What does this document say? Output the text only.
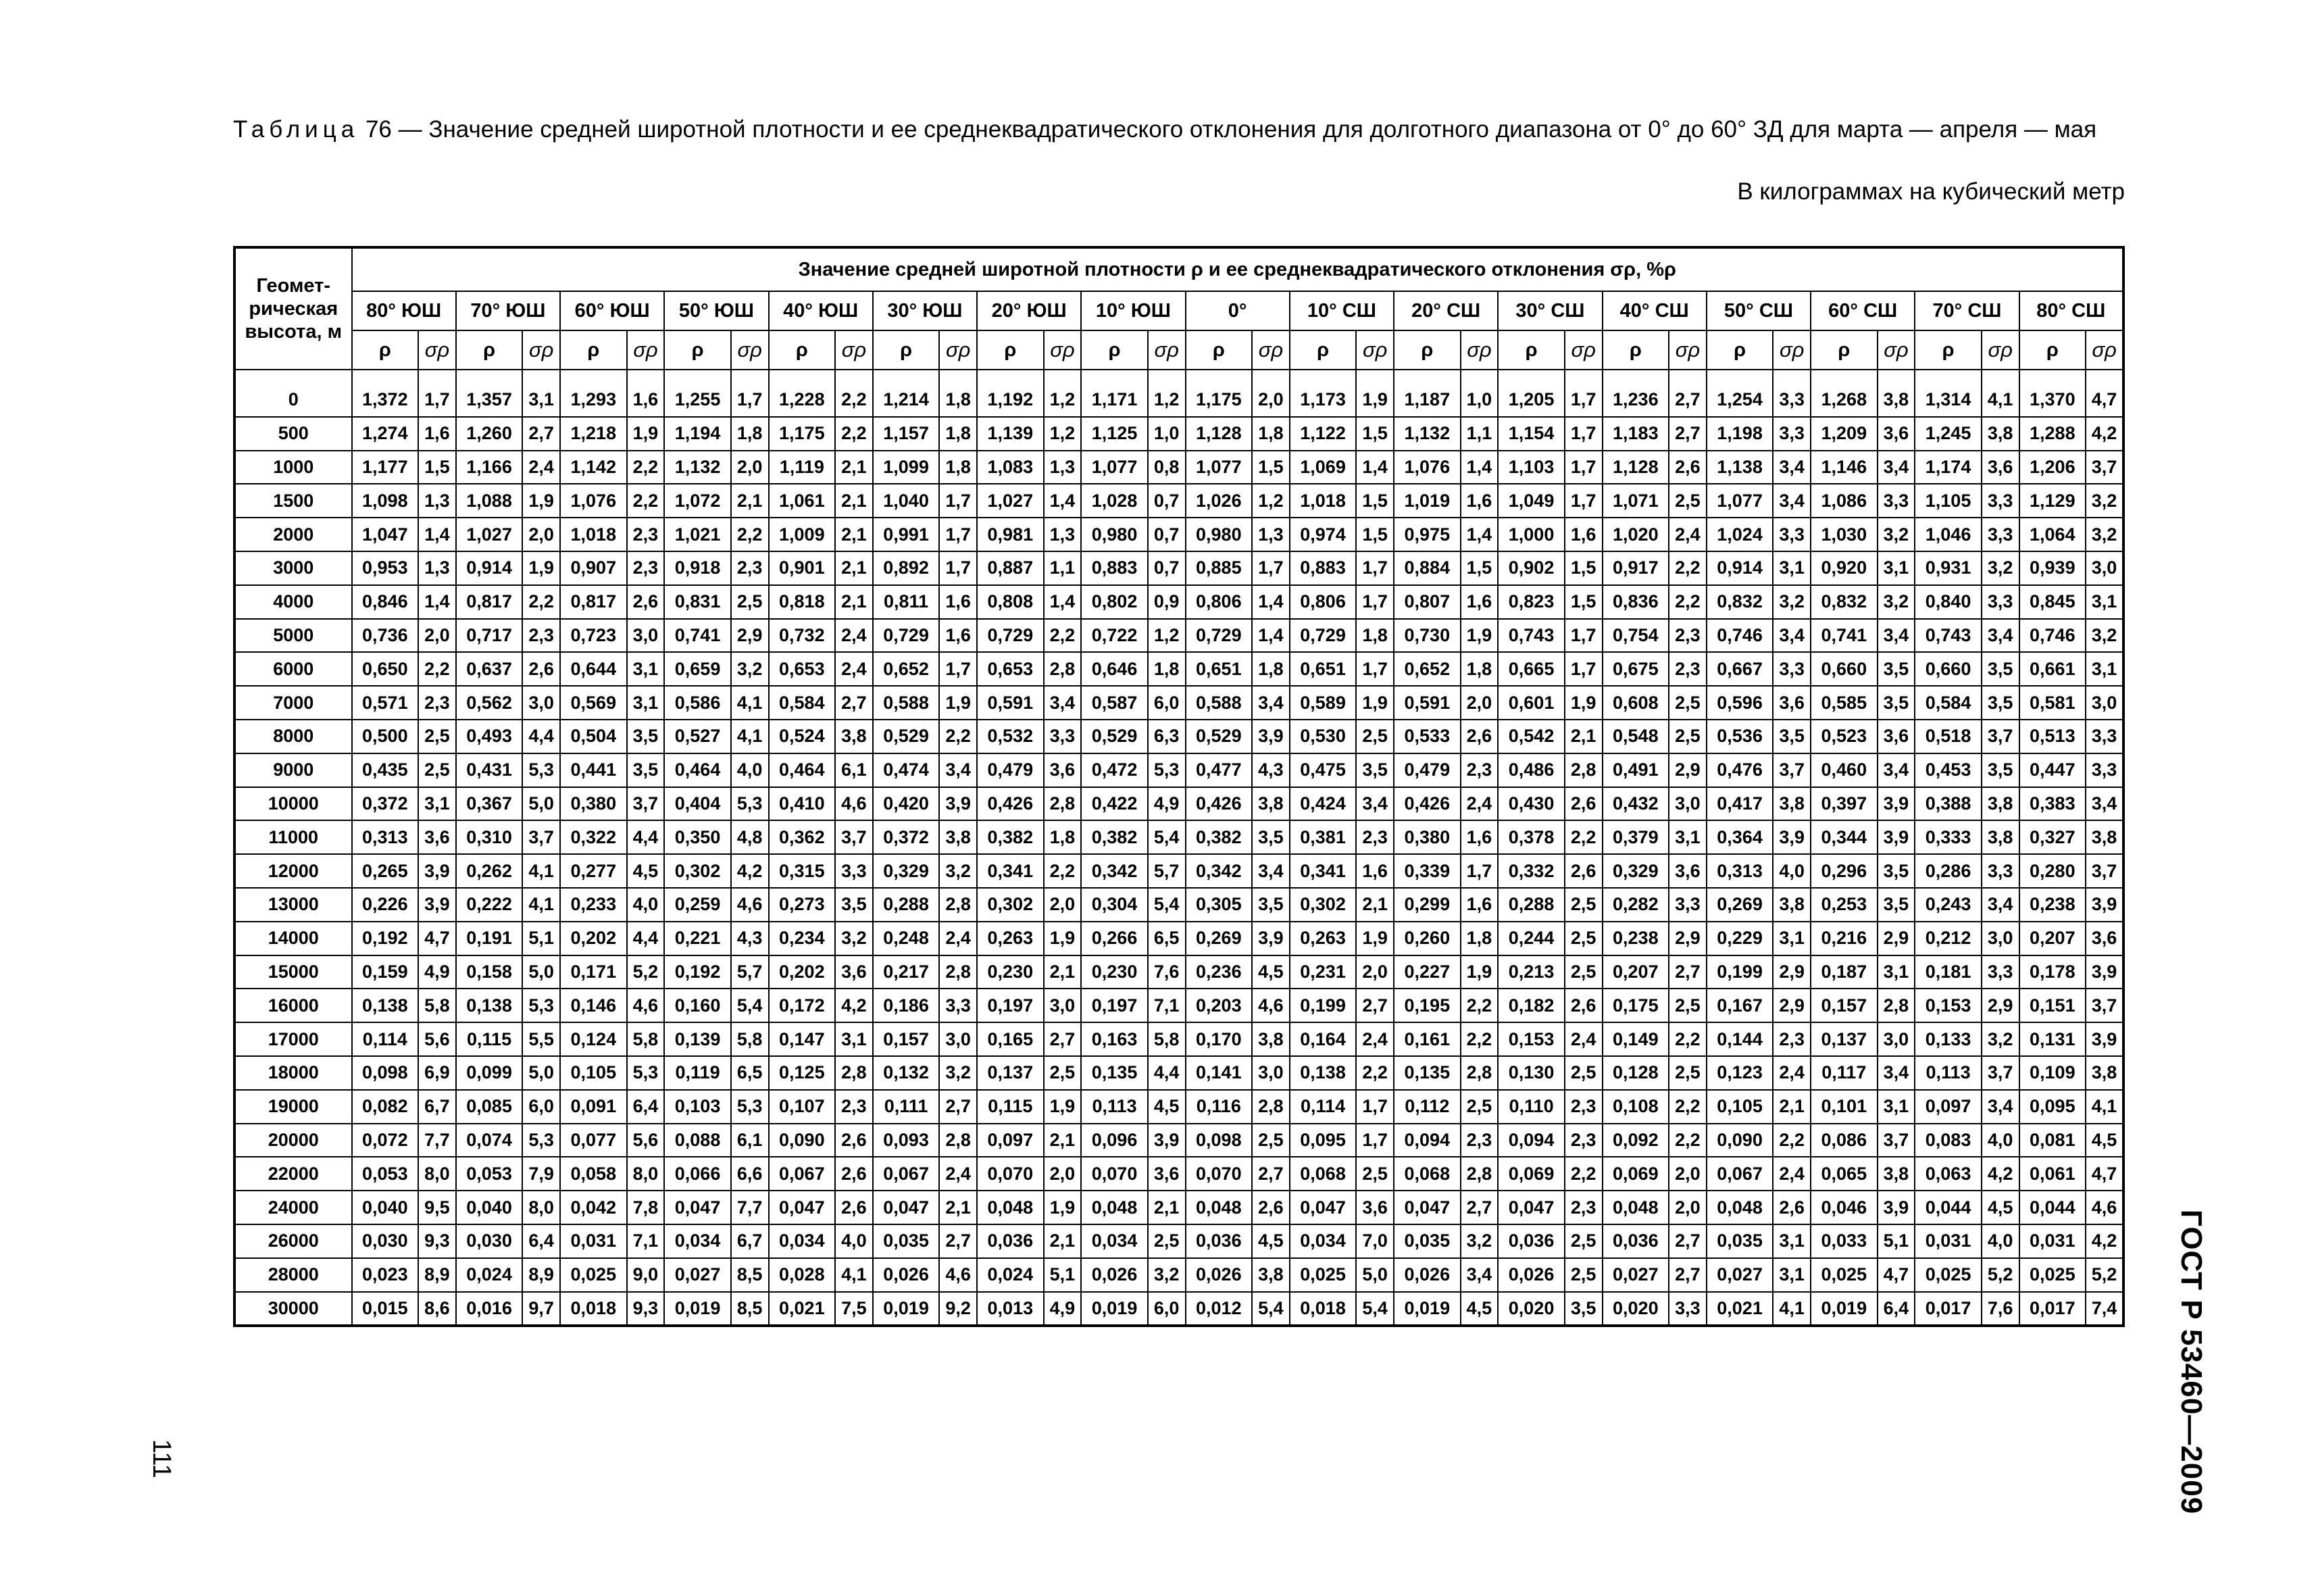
Таблица 76 — Значение средней широтной плотности и ее среднеквадратического отклонения для долготного диапазона от 0° до 60° ЗД для марта — апреля — мая
В килограммах на кубический метр
Геомет-
рическая
высота, м	Значение средней широтной плотности ρ и ее среднеквадратического отклонения σρ, %ρ																																	
	80° ЮШ		70° ЮШ		60° ЮШ		50° ЮШ		40° ЮШ		30° ЮШ		20° ЮШ		10° ЮШ		0°		10° СШ		20° СШ		30° СШ		40° СШ		50° СШ		60° СШ		70° СШ		80° СШ	
	ρ	σρ	ρ	σρ	ρ	σρ	ρ	σρ	ρ	σρ	ρ	σρ	ρ	σρ	ρ	σρ	ρ	σρ	ρ	σρ	ρ	σρ	ρ	σρ	ρ	σρ	ρ	σρ	ρ	σρ	ρ	σρ	ρ	σρ
0	1,372	1,7	1,357	3,1	1,293	1,6	1,255	1,7	1,228	2,2	1,214	1,8	1,192	1,2	1,171	1,2	1,175	2,0	1,173	1,9	1,187	1,0	1,205	1,7	1,236	2,7	1,254	3,3	1,268	3,8	1,314	4,1	1,370	4,7
500	1,274	1,6	1,260	2,7	1,218	1,9	1,194	1,8	1,175	2,2	1,157	1,8	1,139	1,2	1,125	1,0	1,128	1,8	1,122	1,5	1,132	1,1	1,154	1,7	1,183	2,7	1,198	3,3	1,209	3,6	1,245	3,8	1,288	4,2
1000	1,177	1,5	1,166	2,4	1,142	2,2	1,132	2,0	1,119	2,1	1,099	1,8	1,083	1,3	1,077	0,8	1,077	1,5	1,069	1,4	1,076	1,4	1,103	1,7	1,128	2,6	1,138	3,4	1,146	3,4	1,174	3,6	1,206	3,7
1500	1,098	1,3	1,088	1,9	1,076	2,2	1,072	2,1	1,061	2,1	1,040	1,7	1,027	1,4	1,028	0,7	1,026	1,2	1,018	1,5	1,019	1,6	1,049	1,7	1,071	2,5	1,077	3,4	1,086	3,3	1,105	3,3	1,129	3,2
2000	1,047	1,4	1,027	2,0	1,018	2,3	1,021	2,2	1,009	2,1	0,991	1,7	0,981	1,3	0,980	0,7	0,980	1,3	0,974	1,5	0,975	1,4	1,000	1,6	1,020	2,4	1,024	3,3	1,030	3,2	1,046	3,3	1,064	3,2
3000	0,953	1,3	0,914	1,9	0,907	2,3	0,918	2,3	0,901	2,1	0,892	1,7	0,887	1,1	0,883	0,7	0,885	1,7	0,883	1,7	0,884	1,5	0,902	1,5	0,917	2,2	0,914	3,1	0,920	3,1	0,931	3,2	0,939	3,0
4000	0,846	1,4	0,817	2,2	0,817	2,6	0,831	2,5	0,818	2,1	0,811	1,6	0,808	1,4	0,802	0,9	0,806	1,4	0,806	1,7	0,807	1,6	0,823	1,5	0,836	2,2	0,832	3,2	0,832	3,2	0,840	3,3	0,845	3,1
5000	0,736	2,0	0,717	2,3	0,723	3,0	0,741	2,9	0,732	2,4	0,729	1,6	0,729	2,2	0,722	1,2	0,729	1,4	0,729	1,8	0,730	1,9	0,743	1,7	0,754	2,3	0,746	3,4	0,741	3,4	0,743	3,4	0,746	3,2
6000	0,650	2,2	0,637	2,6	0,644	3,1	0,659	3,2	0,653	2,4	0,652	1,7	0,653	2,8	0,646	1,8	0,651	1,8	0,651	1,7	0,652	1,8	0,665	1,7	0,675	2,3	0,667	3,3	0,660	3,5	0,660	3,5	0,661	3,1
7000	0,571	2,3	0,562	3,0	0,569	3,1	0,586	4,1	0,584	2,7	0,588	1,9	0,591	3,4	0,587	6,0	0,588	3,4	0,589	1,9	0,591	2,0	0,601	1,9	0,608	2,5	0,596	3,6	0,585	3,5	0,584	3,5	0,581	3,0
8000	0,500	2,5	0,493	4,4	0,504	3,5	0,527	4,1	0,524	3,8	0,529	2,2	0,532	3,3	0,529	6,3	0,529	3,9	0,530	2,5	0,533	2,6	0,542	2,1	0,548	2,5	0,536	3,5	0,523	3,6	0,518	3,7	0,513	3,3
9000	0,435	2,5	0,431	5,3	0,441	3,5	0,464	4,0	0,464	6,1	0,474	3,4	0,479	3,6	0,472	5,3	0,477	4,3	0,475	3,5	0,479	2,3	0,486	2,8	0,491	2,9	0,476	3,7	0,460	3,4	0,453	3,5	0,447	3,3
10000	0,372	3,1	0,367	5,0	0,380	3,7	0,404	5,3	0,410	4,6	0,420	3,9	0,426	2,8	0,422	4,9	0,426	3,8	0,424	3,4	0,426	2,4	0,430	2,6	0,432	3,0	0,417	3,8	0,397	3,9	0,388	3,8	0,383	3,4
11000	0,313	3,6	0,310	3,7	0,322	4,4	0,350	4,8	0,362	3,7	0,372	3,8	0,382	1,8	0,382	5,4	0,382	3,5	0,381	2,3	0,380	1,6	0,378	2,2	0,379	3,1	0,364	3,9	0,344	3,9	0,333	3,8	0,327	3,8
12000	0,265	3,9	0,262	4,1	0,277	4,5	0,302	4,2	0,315	3,3	0,329	3,2	0,341	2,2	0,342	5,7	0,342	3,4	0,341	1,6	0,339	1,7	0,332	2,6	0,329	3,6	0,313	4,0	0,296	3,5	0,286	3,3	0,280	3,7
13000	0,226	3,9	0,222	4,1	0,233	4,0	0,259	4,6	0,273	3,5	0,288	2,8	0,302	2,0	0,304	5,4	0,305	3,5	0,302	2,1	0,299	1,6	0,288	2,5	0,282	3,3	0,269	3,8	0,253	3,5	0,243	3,4	0,238	3,9
14000	0,192	4,7	0,191	5,1	0,202	4,4	0,221	4,3	0,234	3,2	0,248	2,4	0,263	1,9	0,266	6,5	0,269	3,9	0,263	1,9	0,260	1,8	0,244	2,5	0,238	2,9	0,229	3,1	0,216	2,9	0,212	3,0	0,207	3,6
15000	0,159	4,9	0,158	5,0	0,171	5,2	0,192	5,7	0,202	3,6	0,217	2,8	0,230	2,1	0,230	7,6	0,236	4,5	0,231	2,0	0,227	1,9	0,213	2,5	0,207	2,7	0,199	2,9	0,187	3,1	0,181	3,3	0,178	3,9
16000	0,138	5,8	0,138	5,3	0,146	4,6	0,160	5,4	0,172	4,2	0,186	3,3	0,197	3,0	0,197	7,1	0,203	4,6	0,199	2,7	0,195	2,2	0,182	2,6	0,175	2,5	0,167	2,9	0,157	2,8	0,153	2,9	0,151	3,7
17000	0,114	5,6	0,115	5,5	0,124	5,8	0,139	5,8	0,147	3,1	0,157	3,0	0,165	2,7	0,163	5,8	0,170	3,8	0,164	2,4	0,161	2,2	0,153	2,4	0,149	2,2	0,144	2,3	0,137	3,0	0,133	3,2	0,131	3,9
18000	0,098	6,9	0,099	5,0	0,105	5,3	0,119	6,5	0,125	2,8	0,132	3,2	0,137	2,5	0,135	4,4	0,141	3,0	0,138	2,2	0,135	2,8	0,130	2,5	0,128	2,5	0,123	2,4	0,117	3,4	0,113	3,7	0,109	3,8
19000	0,082	6,7	0,085	6,0	0,091	6,4	0,103	5,3	0,107	2,3	0,111	2,7	0,115	1,9	0,113	4,5	0,116	2,8	0,114	1,7	0,112	2,5	0,110	2,3	0,108	2,2	0,105	2,1	0,101	3,1	0,097	3,4	0,095	4,1
20000	0,072	7,7	0,074	5,3	0,077	5,6	0,088	6,1	0,090	2,6	0,093	2,8	0,097	2,1	0,096	3,9	0,098	2,5	0,095	1,7	0,094	2,3	0,094	2,3	0,092	2,2	0,090	2,2	0,086	3,7	0,083	4,0	0,081	4,5
22000	0,053	8,0	0,053	7,9	0,058	8,0	0,066	6,6	0,067	2,6	0,067	2,4	0,070	2,0	0,070	3,6	0,070	2,7	0,068	2,5	0,068	2,8	0,069	2,2	0,069	2,0	0,067	2,4	0,065	3,8	0,063	4,2	0,061	4,7
24000	0,040	9,5	0,040	8,0	0,042	7,8	0,047	7,7	0,047	2,6	0,047	2,1	0,048	1,9	0,048	2,1	0,048	2,6	0,047	3,6	0,047	2,7	0,047	2,3	0,048	2,0	0,048	2,6	0,046	3,9	0,044	4,5	0,044	4,6
26000	0,030	9,3	0,030	6,4	0,031	7,1	0,034	6,7	0,034	4,0	0,035	2,7	0,036	2,1	0,034	2,5	0,036	4,5	0,034	7,0	0,035	3,2	0,036	2,5	0,036	2,7	0,035	3,1	0,033	5,1	0,031	4,0	0,031	4,2
28000	0,023	8,9	0,024	8,9	0,025	9,0	0,027	8,5	0,028	4,1	0,026	4,6	0,024	5,1	0,026	3,2	0,026	3,8	0,025	5,0	0,026	3,4	0,026	2,5	0,027	2,7	0,027	3,1	0,025	4,7	0,025	5,2	0,025	5,2
30000	0,015	8,6	0,016	9,7	0,018	9,3	0,019	8,5	0,021	7,5	0,019	9,2	0,013	4,9	0,019	6,0	0,012	5,4	0,018	5,4	0,019	4,5	0,020	3,5	0,020	3,3	0,021	4,1	0,019	6,4	0,017	7,6	0,017	7,4
111	ГОСТ Р 53460—2009
